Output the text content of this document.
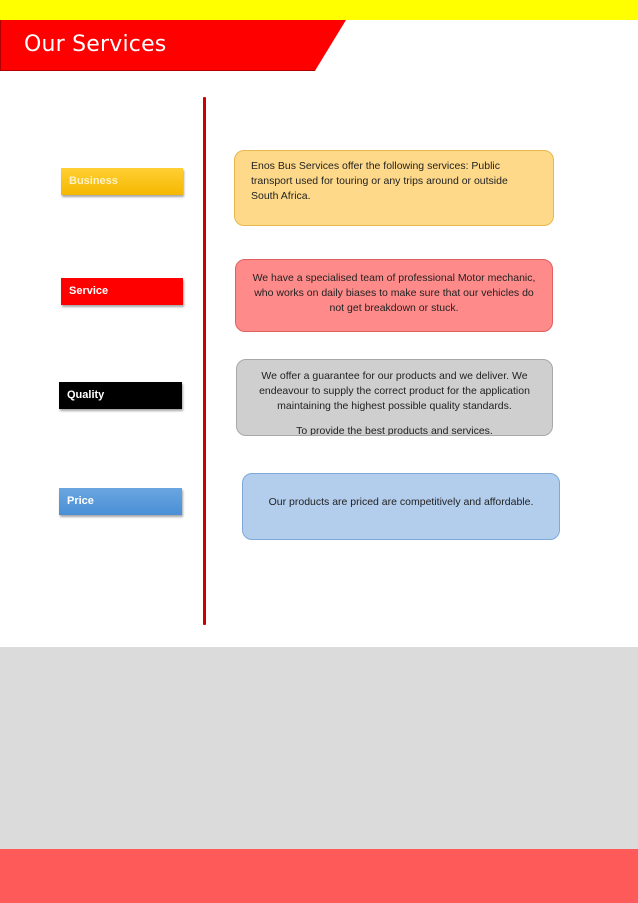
Our Services
Business
Service
Quality
Price
Enos Bus Services offer the following services: Public
transport used for touring or any trips around or outside
South Africa.
We have a specialised team of professional Motor mechanic,
who works on daily biases to make sure that our vehicles do
not get breakdown or stuck.
We offer a guarantee for our products and we deliver. We
endeavour to supply the correct product for the application
maintaining the highest possible quality standards.
To provide the best products and services.
Our products are priced are competitively and affordable.
